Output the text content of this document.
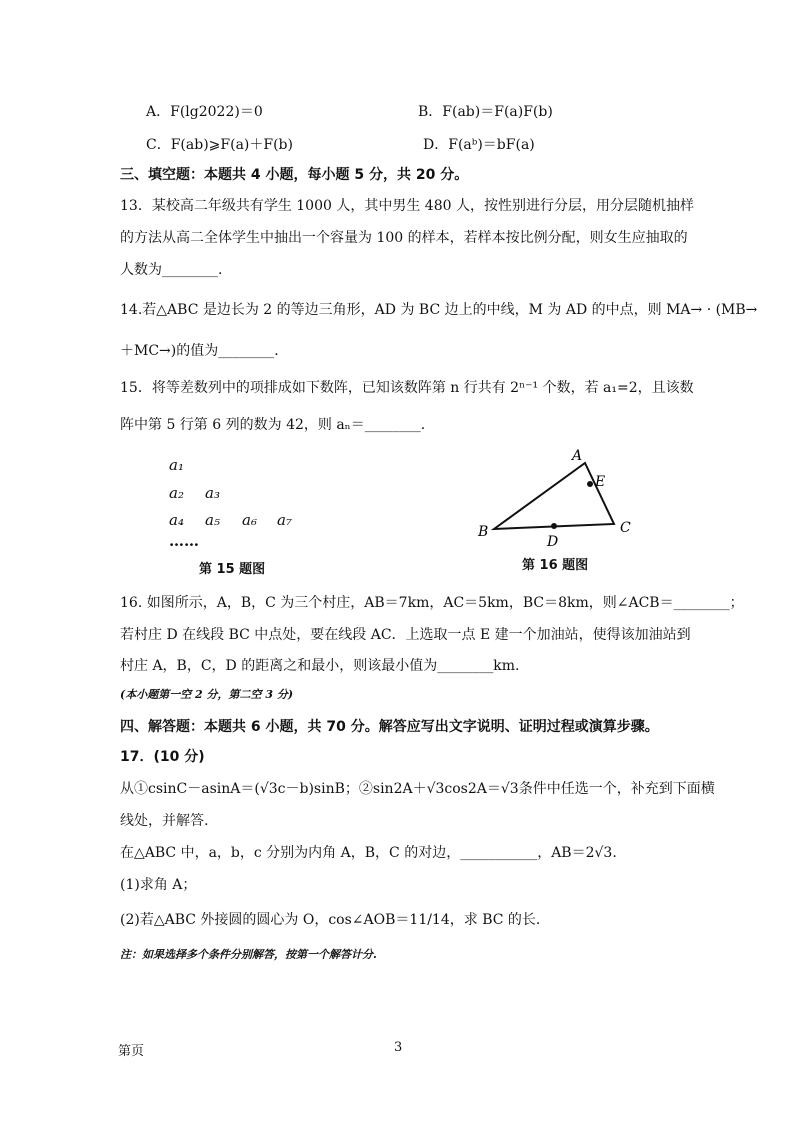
A．F(lg2022)＝0	B．F(ab)＝F(a)F(b)
C．F(ab)⩾F(a)＋F(b)	D．F(aᵇ)＝bF(a)
三、填空题：本题共 4 小题，每小题 5 分，共 20 分。
13．某校高二年级共有学生 1000 人，其中男生 480 人，按性别进行分层，用分层随机抽样
的方法从高二全体学生中抽出一个容量为 100 的样本，若样本按比例分配，则女生应抽取的
人数为________.
14.若△ABC 是边长为 2 的等边三角形，AD 为 BC 边上的中线，M 为 AD 的中点，则 MA→ · (MB→
＋MC→)的值为________.
15．将等差数列中的项排成如下数阵，已知该数阵第 n 行共有 2ⁿ⁻¹ 个数，若 a₁=2，且该数
阵中第 5 行第 6 列的数为 42，则 aₙ＝________.
a₁
a₂ a₃
a₄ a₅ a₆ a₇
……
第 15 题图
A
E
B	C
D
第 16 题图
16. 如图所示，A，B，C 为三个村庄，AB＝7km，AC＝5km，BC＝8km，则∠ACB＝________；
若村庄 D 在线段 BC 中点处，要在线段 AC．上选取一点 E 建一个加油站，使得该加油站到
村庄 A，B，C，D 的距离之和最小，则该最小值为________km.
(本小题第一空 2 分，第二空 3 分)
四、解答题：本题共 6 小题，共 70 分。解答应写出文字说明、证明过程或演算步骤。
17．(10 分)
从①csinC－asinA＝(√3c－b)sinB；②sin2A＋√3cos2A＝√3条件中任选一个，补充到下面横
线处，并解答.
在△ABC 中，a，b，c 分别为内角 A，B，C 的对边，___________，AB＝2√3.
(1)求角 A；
(2)若△ABC 外接圆的圆心为 O，cos∠AOB＝11/14，求 BC 的长.
注：如果选择多个条件分别解答，按第一个解答计分.
第页	3
